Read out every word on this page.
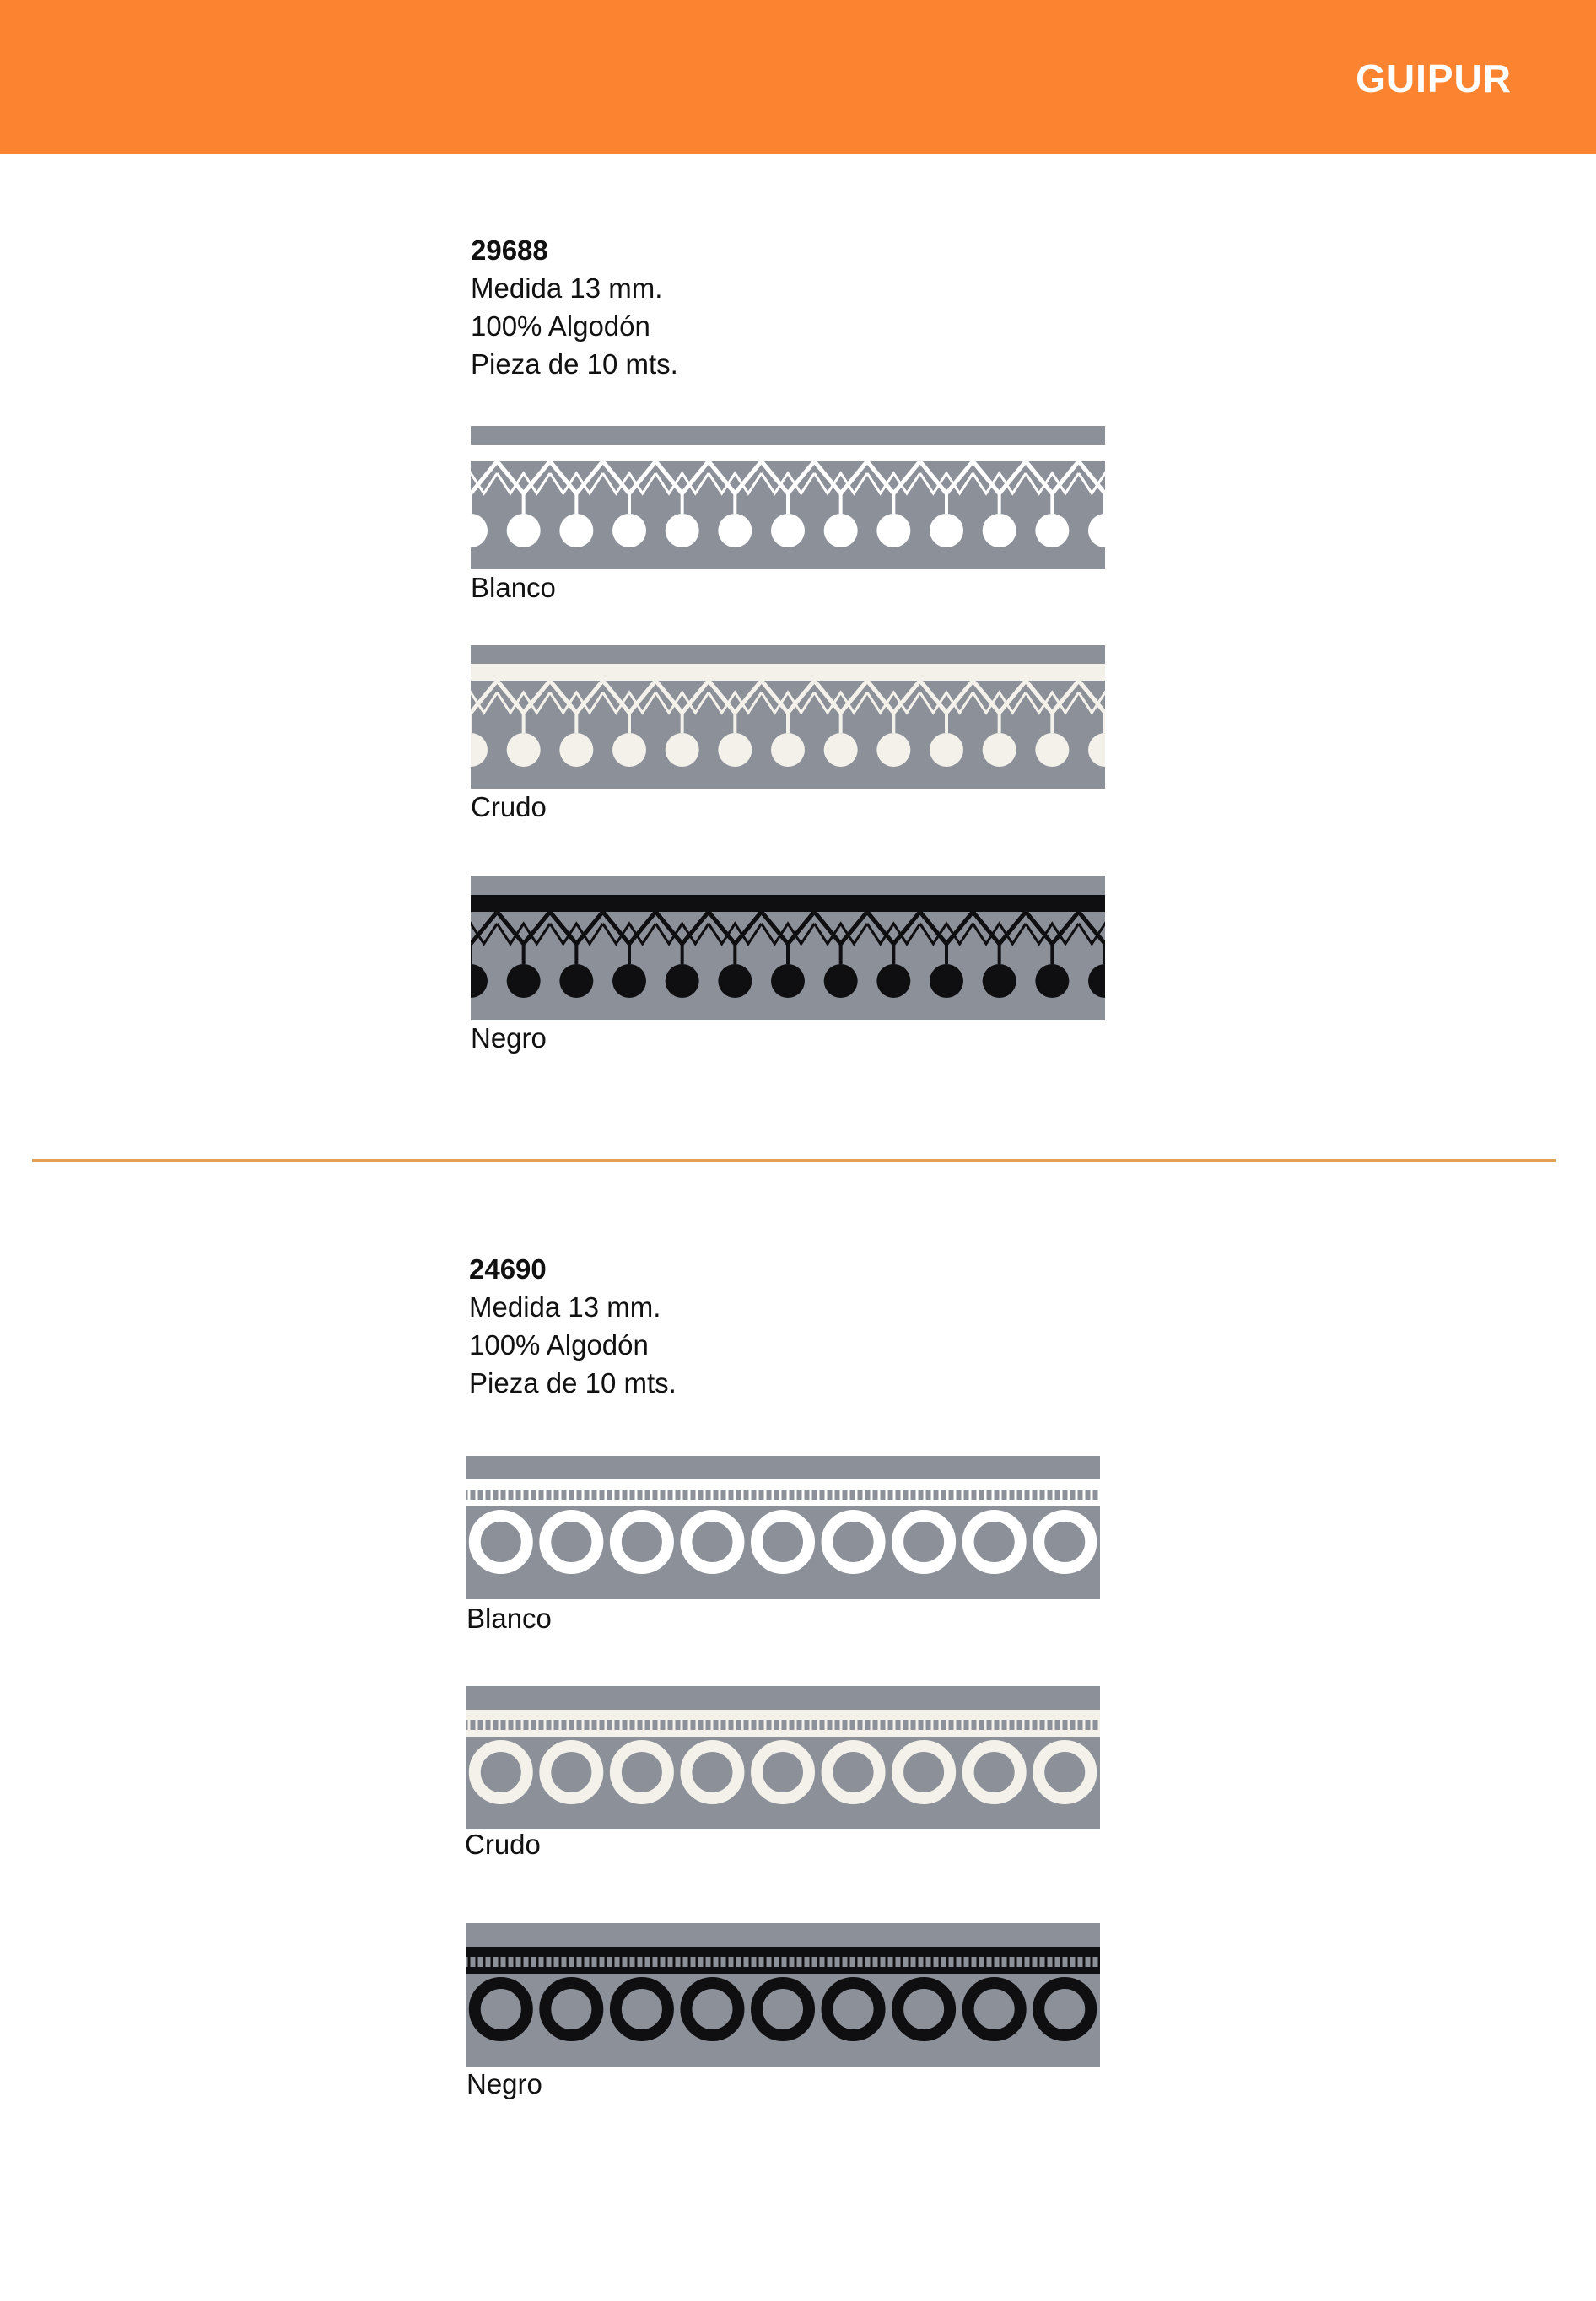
GUIPUR
29688
Medida 13 mm.
100% Algodón
Pieza de 10 mts.
Blanco
Crudo
Negro
24690
Medida 13 mm.
100% Algodón
Pieza de 10 mts.
Blanco
Crudo
Negro
